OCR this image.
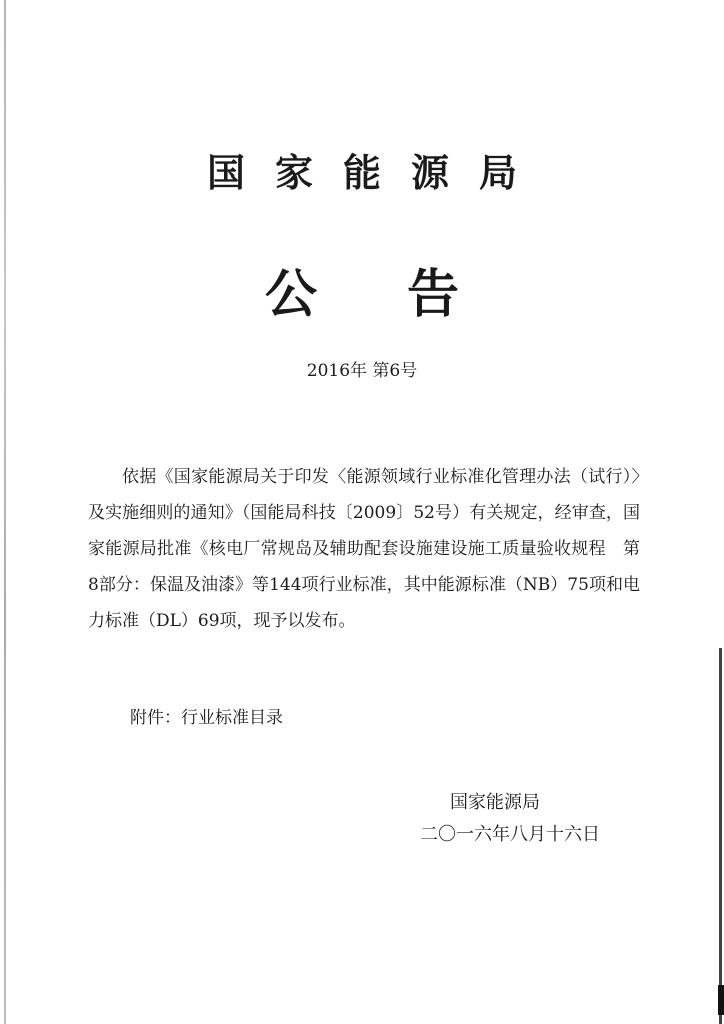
国家能源局
公告
2016年 第6号
依据《国家能源局关于印发〈能源领域行业标准化管理办法（试行）〉及实施细则的通知》（国能局科技〔2009〕52号）有关规定，经审查，国家能源局批准《核电厂常规岛及辅助配套设施建设施工质量验收规程　第8部分：保温及油漆》等144项行业标准，其中能源标准（NB）75项和电力标准（DL）69项，现予以发布。
附件：行业标准目录
国家能源局
二〇一六年八月十六日
